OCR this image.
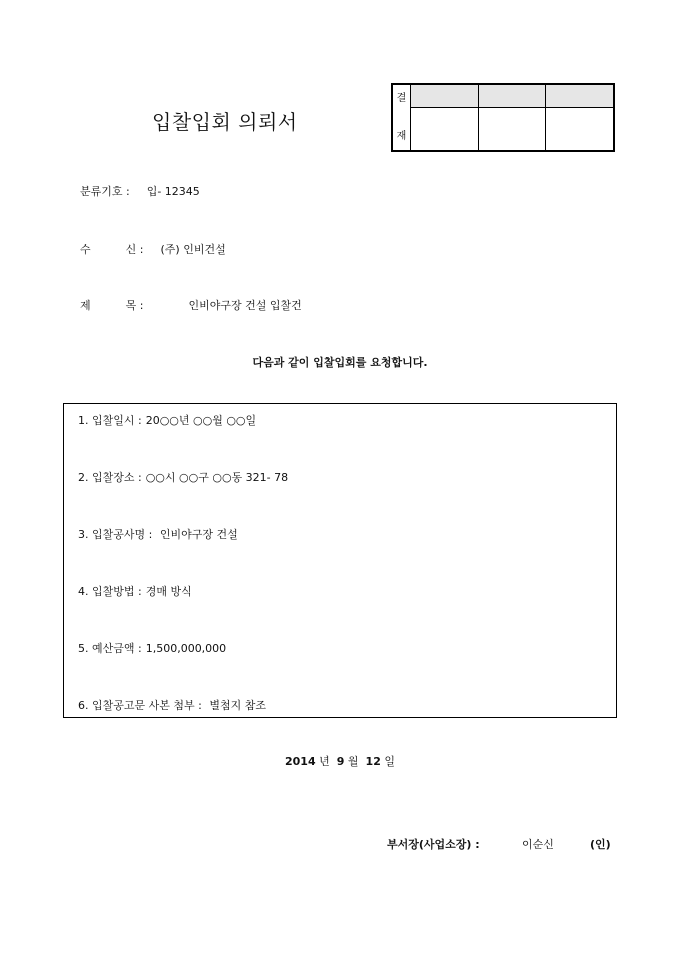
입찰입회 의뢰서
결
재			

분류기호 : 입- 12345
수	신 : (주) 인비건설
제	목 :	인비야구장 건설 입찰건
다음과 같이 입찰입회를 요청합니다.
1. 입찰일시 : 20○○년 ○○월 ○○일
2. 입찰장소 : ○○시 ○○구 ○○동 321- 78
3. 입찰공사명 : 인비야구장 건설
4. 입찰방법 : 경매 방식
5. 예산금액 : 1,500,000,000
6. 입찰공고문 사본 첨부 : 별첨지 참조
2014 년 9 월 12 일
부서장(사업소장) :	이순신	(인)
